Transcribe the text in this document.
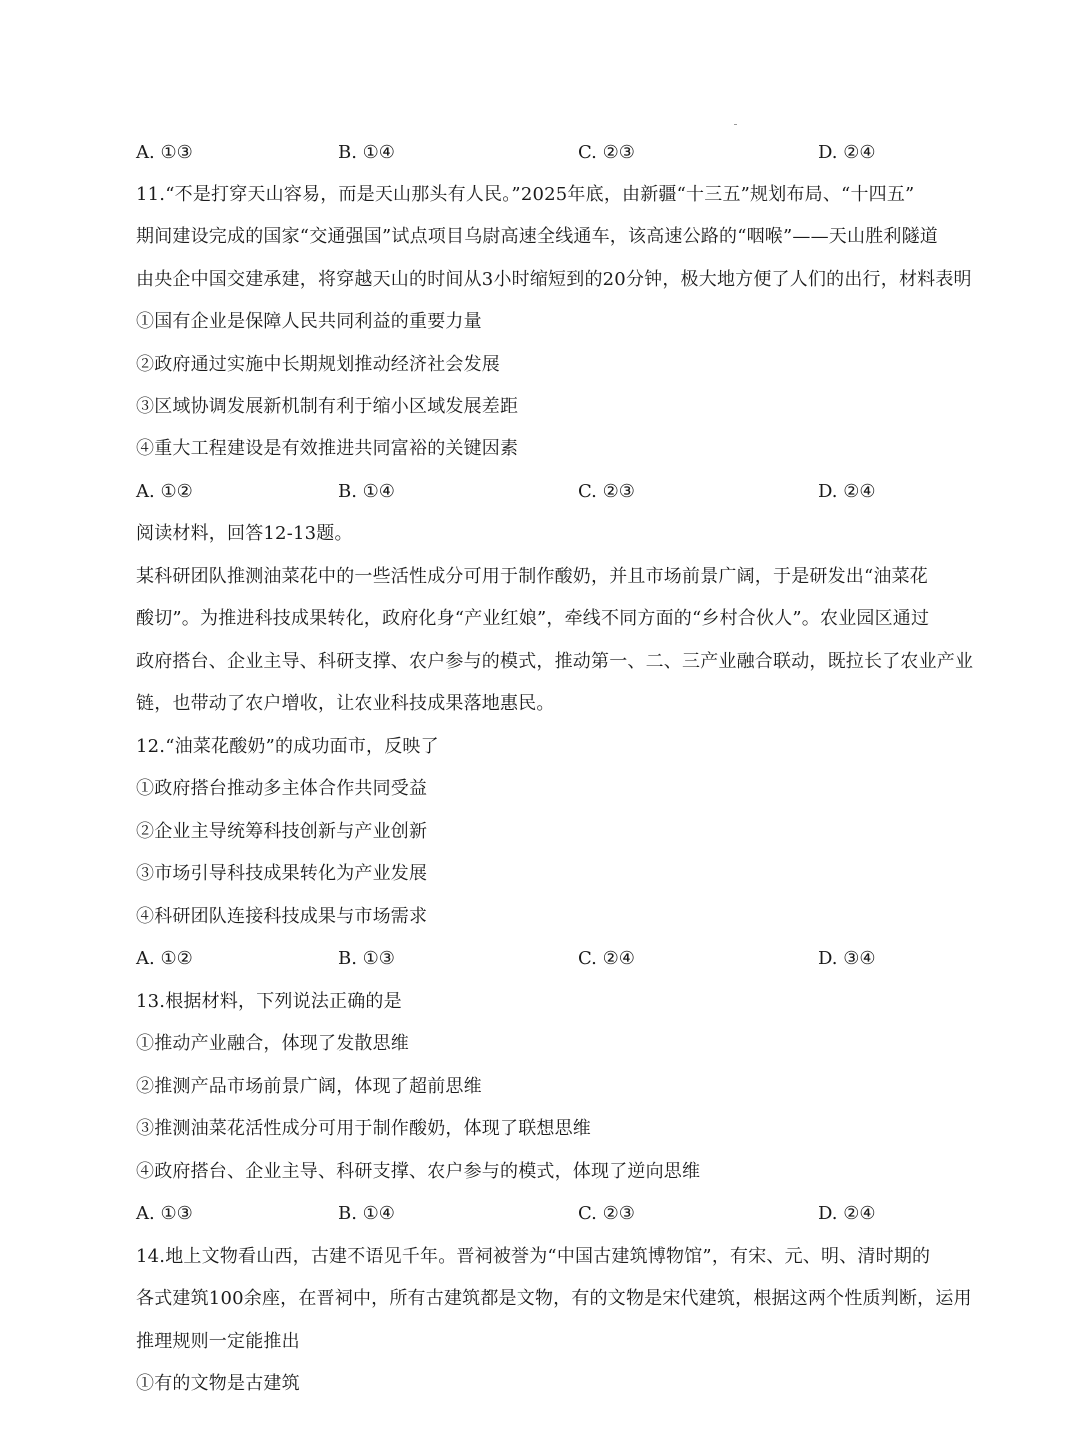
A. ①③	B. ①④	C. ②③	D. ②④
11.“不是打穿天山容易，而是天山那头有人民。”2025年底，由新疆“十三五”规划布局、“十四五”
期间建设完成的国家“交通强国”试点项目乌尉高速全线通车，该高速公路的“咽喉”——天山胜利隧道
由央企中国交建承建，将穿越天山的时间从3小时缩短到的20分钟，极大地方便了人们的出行，材料表明
①国有企业是保障人民共同利益的重要力量
②政府通过实施中长期规划推动经济社会发展
③区域协调发展新机制有利于缩小区域发展差距
④重大工程建设是有效推进共同富裕的关键因素
A. ①②	B. ①④	C. ②③	D. ②④
阅读材料，回答12-13题。
某科研团队推测油菜花中的一些活性成分可用于制作酸奶，并且市场前景广阔，于是研发出“油菜花
酸切”。为推进科技成果转化，政府化身“产业红娘”，牵线不同方面的“乡村合伙人”。农业园区通过
政府搭台、企业主导、科研支撑、农户参与的模式，推动第一、二、三产业融合联动，既拉长了农业产业
链，也带动了农户增收，让农业科技成果落地惠民。
12.“油菜花酸奶”的成功面市，反映了
①政府搭台推动多主体合作共同受益
②企业主导统筹科技创新与产业创新
③市场引导科技成果转化为产业发展
④科研团队连接科技成果与市场需求
A. ①②	B. ①③	C. ②④	D. ③④
13.根据材料，下列说法正确的是
①推动产业融合，体现了发散思维
②推测产品市场前景广阔，体现了超前思维
③推测油菜花活性成分可用于制作酸奶，体现了联想思维
④政府搭台、企业主导、科研支撑、农户参与的模式，体现了逆向思维
A. ①③	B. ①④	C. ②③	D. ②④
14.地上文物看山西，古建不语见千年。晋祠被誉为“中国古建筑博物馆”，有宋、元、明、清时期的
各式建筑100余座，在晋祠中，所有古建筑都是文物，有的文物是宋代建筑，根据这两个性质判断，运用
推理规则一定能推出
①有的文物是古建筑
